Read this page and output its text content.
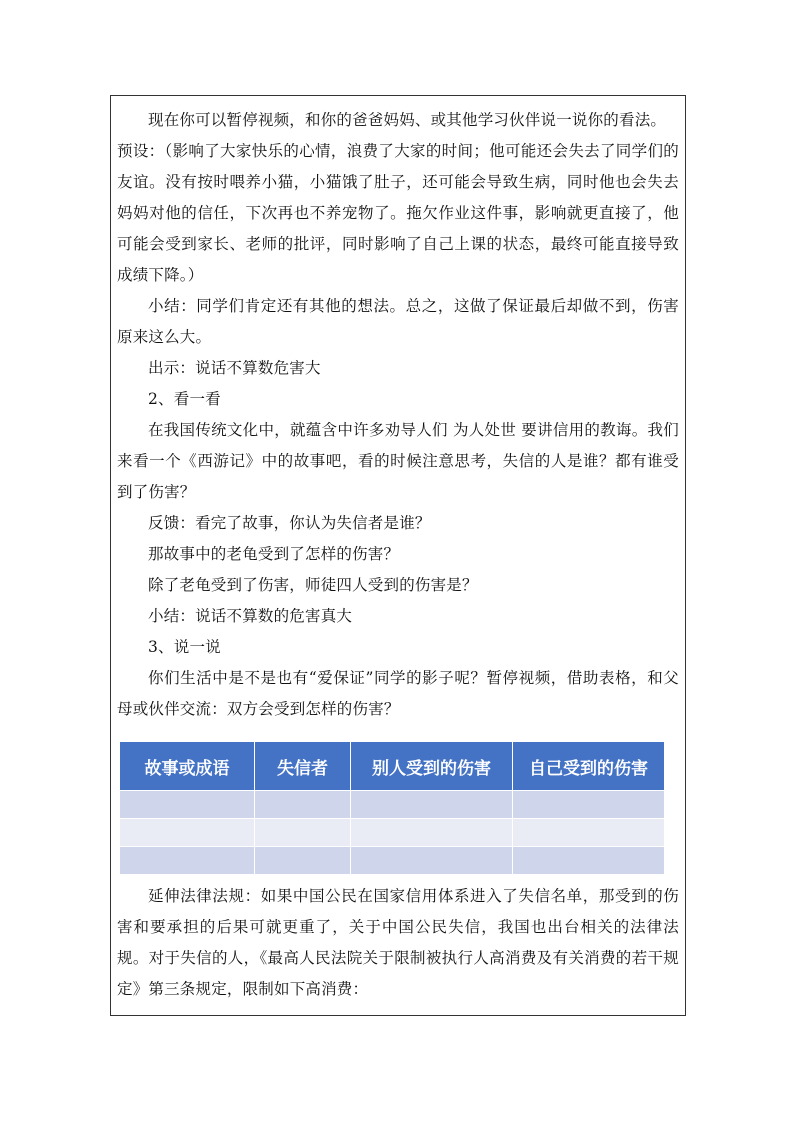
现在你可以暂停视频，和你的爸爸妈妈、或其他学习伙伴说一说你的看法。

预设：（影响了大家快乐的心情，浪费了大家的时间；他可能还会失去了同学们的友谊。没有按时喂养小猫，小猫饿了肚子，还可能会导致生病，同时他也会失去妈妈对他的信任，下次再也不养宠物了。拖欠作业这件事，影响就更直接了，他可能会受到家长、老师的批评，同时影响了自己上课的状态，最终可能直接导致成绩下降。）

小结：同学们肯定还有其他的想法。总之，这做了保证最后却做不到，伤害原来这么大。

出示：说话不算数危害大

2、看一看

在我国传统文化中，就蕴含中许多劝导人们 为人处世 要讲信用的教诲。我们来看一个《西游记》中的故事吧，看的时候注意思考，失信的人是谁？都有谁受到了伤害？

反馈：看完了故事，你认为失信者是谁？

那故事中的老龟受到了怎样的伤害？

除了老龟受到了伤害，师徒四人受到的伤害是？

小结：说话不算数的危害真大

3、说一说

你们生活中是不是也有“爱保证”同学的影子呢？暂停视频，借助表格，和父母或伙伴交流：双方会受到怎样的伤害？

故事或成语	失信者	别人受到的伤害	自己受到的伤害

延伸法律法规：如果中国公民在国家信用体系进入了失信名单，那受到的伤害和要承担的后果可就更重了，关于中国公民失信，我国也出台相关的法律法规。对于失信的人，《最高人民法院关于限制被执行人高消费及有关消费的若干规定》第三条规定，限制如下高消费：
